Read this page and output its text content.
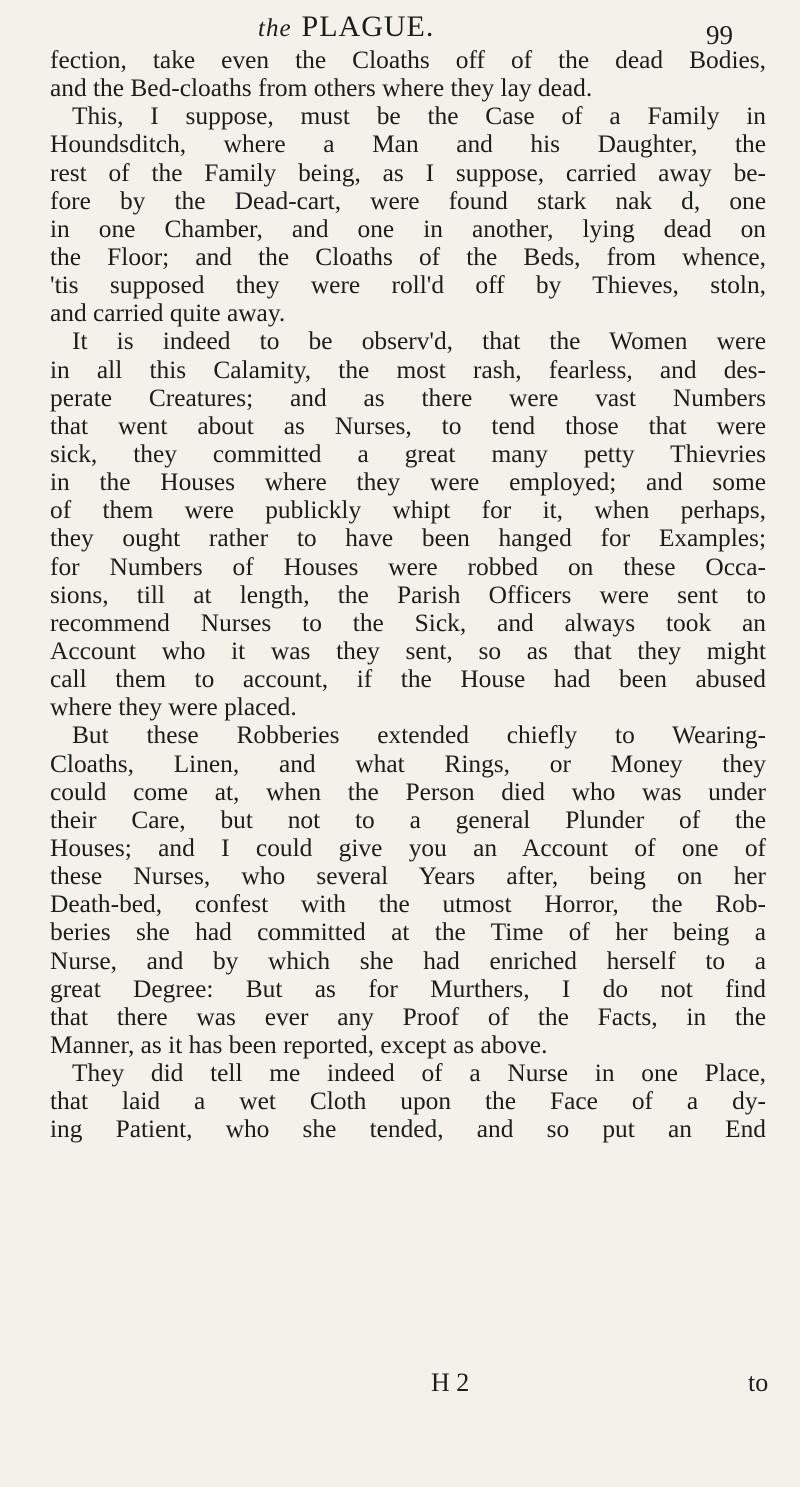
the PLAGUE.	99
fection, take even the Cloaths off of the dead Bodies,
and the Bed-cloaths from others where they lay dead.
This, I suppose, must be the Case of a Family in
Houndsditch, where a Man and his Daughter, the
rest of the Family being, as I suppose, carried away be-
fore by the Dead-cart, were found stark nak d, one
in one Chamber, and one in another, lying dead on
the Floor; and the Cloaths of the Beds, from whence,
'tis supposed they were roll'd off by Thieves, stoln,
and carried quite away.
It is indeed to be observ'd, that the Women were
in all this Calamity, the most rash, fearless, and des-
perate Creatures; and as there were vast Numbers
that went about as Nurses, to tend those that were
sick, they committed a great many petty Thievries
in the Houses where they were employed; and some
of them were publickly whipt for it, when perhaps,
they ought rather to have been hanged for Examples;
for Numbers of Houses were robbed on these Occa-
sions, till at length, the Parish Officers were sent to
recommend Nurses to the Sick, and always took an
Account who it was they sent, so as that they might
call them to account, if the House had been abused
where they were placed.
But these Robberies extended chiefly to Wearing-
Cloaths, Linen, and what Rings, or Money they
could come at, when the Person died who was under
their Care, but not to a general Plunder of the
Houses; and I could give you an Account of one of
these Nurses, who several Years after, being on her
Death-bed, confest with the utmost Horror, the Rob-
beries she had committed at the Time of her being a
Nurse, and by which she had enriched herself to a
great Degree: But as for Murthers, I do not find
that there was ever any Proof of the Facts, in the
Manner, as it has been reported, except as above.
They did tell me indeed of a Nurse in one Place,
that laid a wet Cloth upon the Face of a dy-
ing Patient, who she tended, and so put an End
H 2	to
